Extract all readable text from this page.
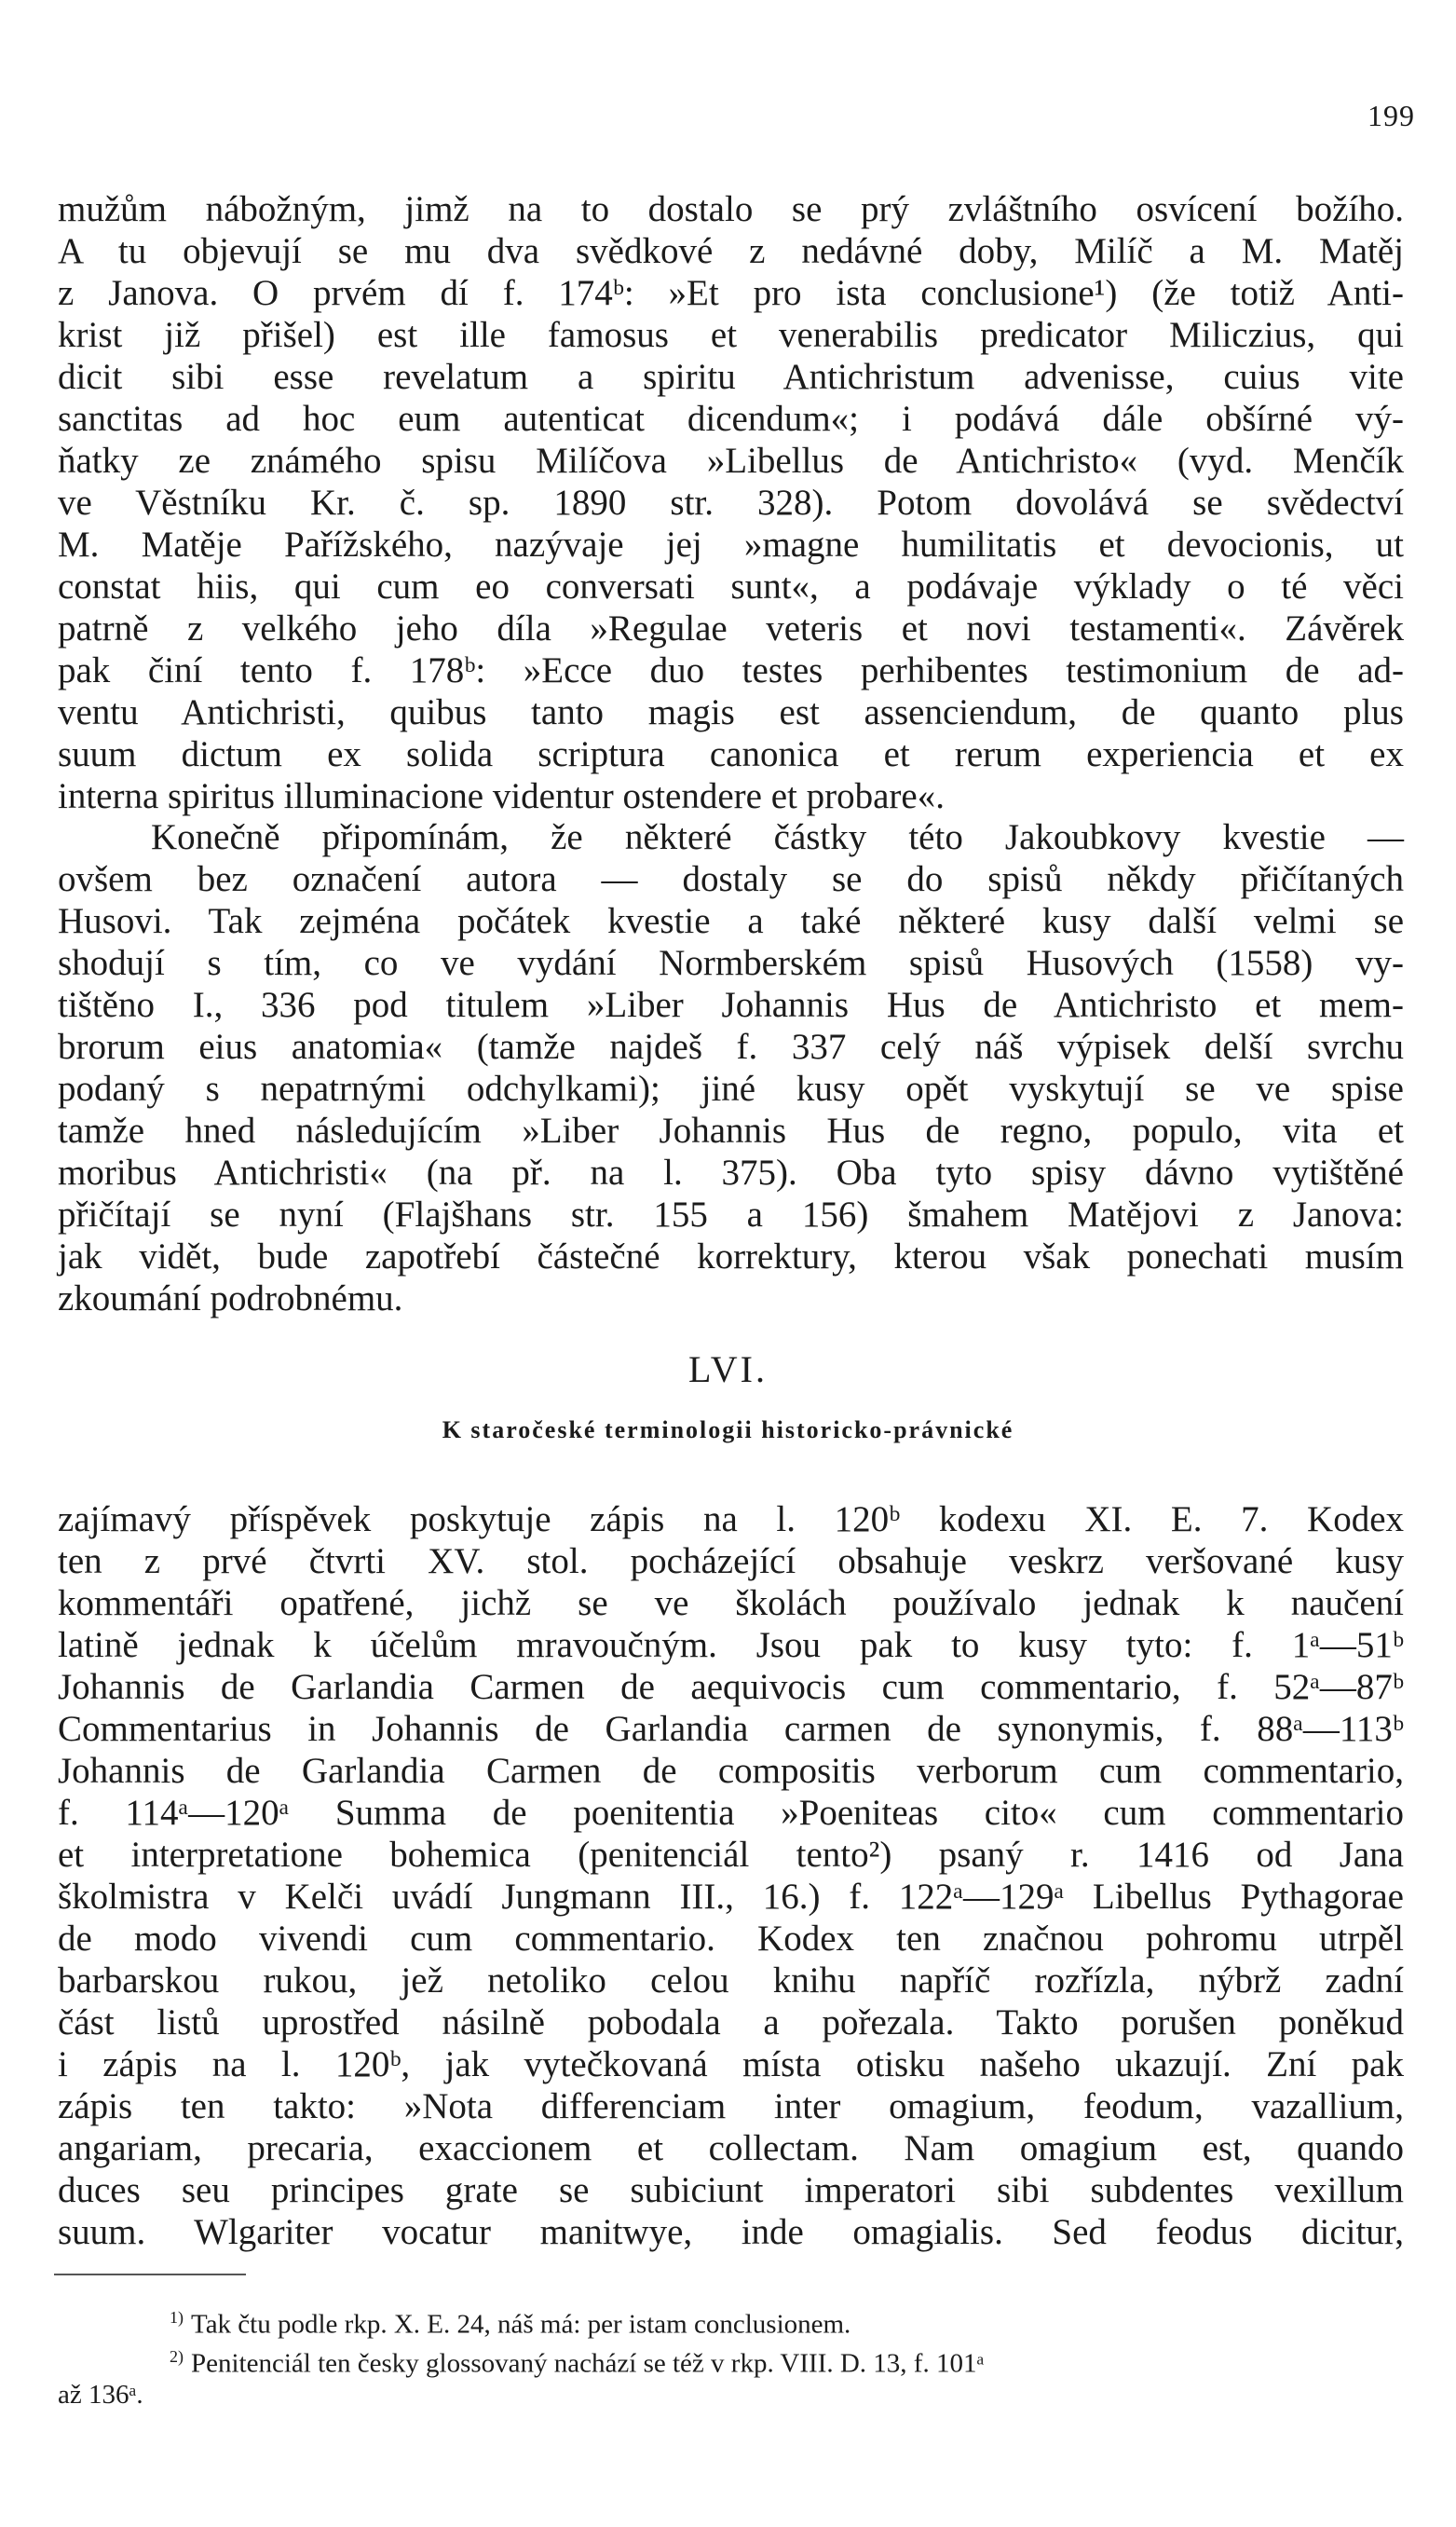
199
mužům nábožným, jimž na to dostalo se prý zvláštního osvícení božího.
A tu objevují se mu dva svědkové z nedávné doby, Milíč a M. Matěj
z Janova. O prvém dí f. 174ᵇ: »Et pro ista conclusione¹) (že totiž Anti-
krist již přišel) est ille famosus et venerabilis predicator Miliczius, qui
dicit sibi esse revelatum a spiritu Antichristum advenisse, cuius vite
sanctitas ad hoc eum autenticat dicendum«; i podává dále obšírné vý-
ňatky ze známého spisu Milíčova »Libellus de Antichristo« (vyd. Menčík
ve Věstníku Kr. č. sp. 1890 str. 328). Potom dovolává se svědectví
M. Matěje Pařížského, nazývaje jej »magne humilitatis et devocionis, ut
constat hiis, qui cum eo conversati sunt«, a podávaje výklady o té věci
patrně z velkého jeho díla »Regulae veteris et novi testamenti«. Závěrek
pak činí tento f. 178ᵇ: »Ecce duo testes perhibentes testimonium de ad-
ventu Antichristi, quibus tanto magis est assenciendum, de quanto plus
suum dictum ex solida scriptura canonica et rerum experiencia et ex
interna spiritus illuminacione videntur ostendere et probare«.
Konečně připomínám, že některé částky této Jakoubkovy kvestie —
ovšem bez označení autora — dostaly se do spisů někdy přičítaných
Husovi. Tak zejména počátek kvestie a také některé kusy další velmi se
shodují s tím, co ve vydání Normberském spisů Husových (1558) vy-
tištěno I., 336 pod titulem »Liber Johannis Hus de Antichristo et mem-
brorum eius anatomia« (tamže najdeš f. 337 celý náš výpisek delší svrchu
podaný s nepatrnými odchylkami); jiné kusy opět vyskytují se ve spise
tamže hned následujícím »Liber Johannis Hus de regno, populo, vita et
moribus Antichristi« (na př. na l. 375). Oba tyto spisy dávno vytištěné
přičítají se nyní (Flajšhans str. 155 a 156) šmahem Matějovi z Janova:
jak vidět, bude zapotřebí částečné korrektury, kterou však ponechati musím
zkoumání podrobnému.
LVI.
K staročeské terminologii historicko-právnické
zajímavý příspěvek poskytuje zápis na l. 120ᵇ kodexu XI. E. 7. Kodex
ten z prvé čtvrti XV. stol. pocházející obsahuje veskrz veršované kusy
kommentáři opatřené, jichž se ve školách používalo jednak k naučení
latině jednak k účelům mravoučným. Jsou pak to kusy tyto: f. 1ᵃ—51ᵇ
Johannis de Garlandia Carmen de aequivocis cum commentario, f. 52ᵃ—87ᵇ
Commentarius in Johannis de Garlandia carmen de synonymis, f. 88ᵃ—113ᵇ
Johannis de Garlandia Carmen de compositis verborum cum commentario,
f. 114ᵃ—120ᵃ Summa de poenitentia »Poeniteas cito« cum commentario
et interpretatione bohemica (penitenciál tento²) psaný r. 1416 od Jana
školmistra v Kelči uvádí Jungmann III., 16.) f. 122ᵃ—129ᵃ Libellus Pythagorae
de modo vivendi cum commentario. Kodex ten značnou pohromu utrpěl
barbarskou rukou, jež netoliko celou knihu napříč rozřízla, nýbrž zadní
část listů uprostřed násilně pobodala a pořezala. Takto porušen poněkud
i zápis na l. 120ᵇ, jak vytečkovaná místa otisku našeho ukazují. Zní pak
zápis ten takto: »Nota differenciam inter omagium, feodum, vazallium,
angariam, precaria, exaccionem et collectam. Nam omagium est, quando
duces seu principes grate se subiciunt imperatori sibi subdentes vexillum
suum. Wlgariter vocatur manitwye, inde omagialis. Sed feodus dicitur,
$^{1)}$ Tak čtu podle rkp. X. E. 24, náš má: per istam conclusionem.
$^{2)}$ Penitenciál ten česky glossovaný nachází se též v rkp. VIII. D. 13, f. 101ᵃ
až 136ᵃ.
